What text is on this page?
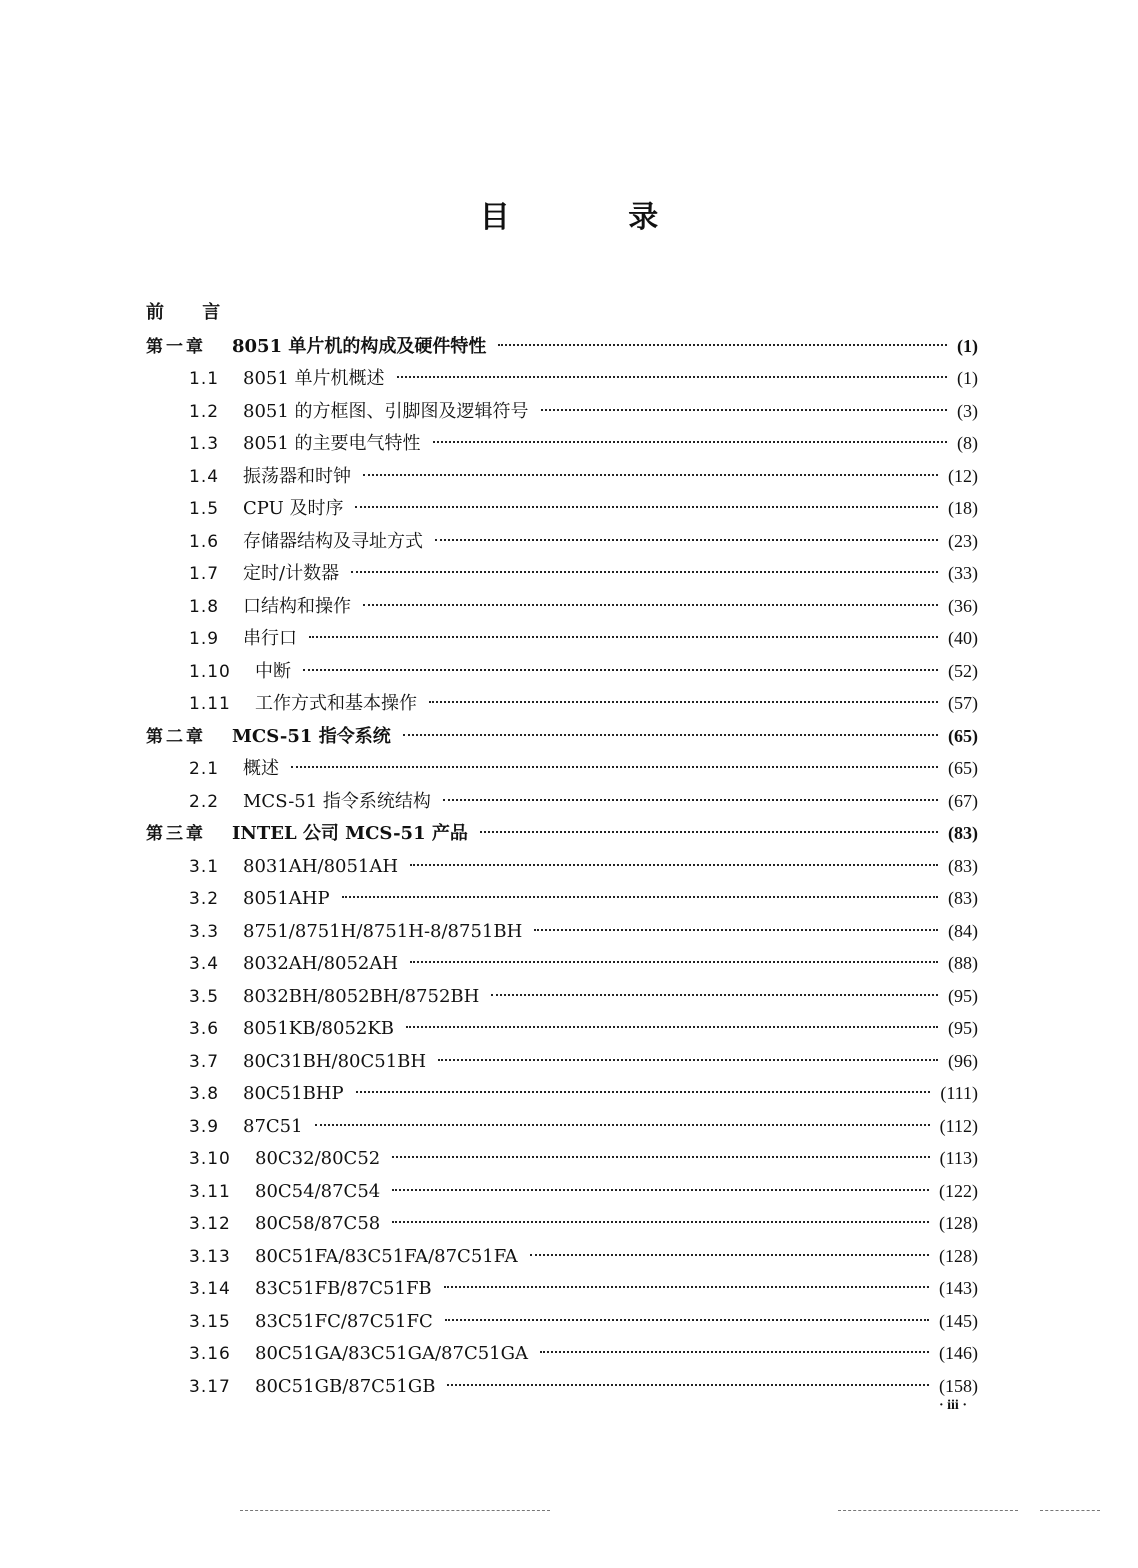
目 录
前 言
第一章	8051 单片机的构成及硬件特性	(1)
1.1	8051 单片机概述	(1)
1.2	8051 的方框图、引脚图及逻辑符号	(3)
1.3	8051 的主要电气特性	(8)
1.4	振荡器和时钟	(12)
1.5	CPU 及时序	(18)
1.6	存储器结构及寻址方式	(23)
1.7	定时/计数器	(33)
1.8	口结构和操作	(36)
1.9	串行口	(40)
1.10	中断	(52)
1.11	工作方式和基本操作	(57)
第二章	MCS-51 指令系统	(65)
2.1	概述	(65)
2.2	MCS-51 指令系统结构	(67)
第三章	INTEL 公司 MCS-51 产品	(83)
3.1	8031AH/8051AH	(83)
3.2	8051AHP	(83)
3.3	8751/8751H/8751H-8/8751BH	(84)
3.4	8032AH/8052AH	(88)
3.5	8032BH/8052BH/8752BH	(95)
3.6	8051KB/8052KB	(95)
3.7	80C31BH/80C51BH	(96)
3.8	80C51BHP	(111)
3.9	87C51	(112)
3.10	80C32/80C52	(113)
3.11	80C54/87C54	(122)
3.12	80C58/87C58	(128)
3.13	80C51FA/83C51FA/87C51FA	(128)
3.14	83C51FB/87C51FB	(143)
3.15	83C51FC/87C51FC	(145)
3.16	80C51GA/83C51GA/87C51GA	(146)
3.17	80C51GB/87C51GB	(158)
· iii ·
